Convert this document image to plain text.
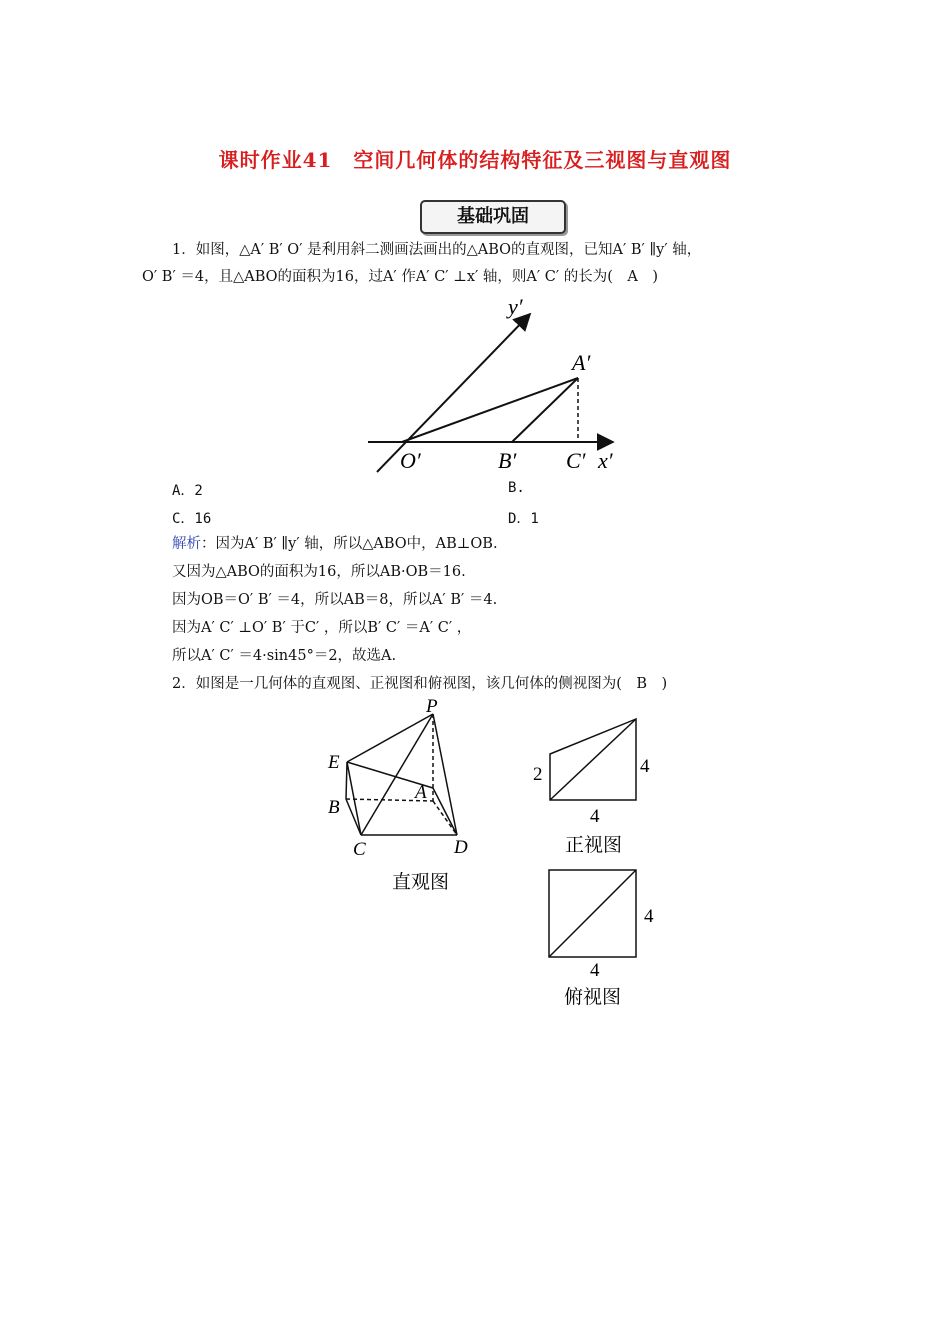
课时作业41　空间几何体的结构特征及三视图与直观图
基础巩固
1．如图，△A′ B′ O′ 是利用斜二测画法画出的△ABO的直观图，已知A′ B′ ∥y′ 轴，
O′ B′ ＝4，且△ABO的面积为16，过A′ 作A′ C′ ⊥x′ 轴，则A′ C′ 的长为(　A　)
y′
A′
O′	B′ C′ x′
A．2	B.
C．16	D．1
解析：因为A′ B′ ∥y′ 轴，所以△ABO中，AB⊥OB.
又因为△ABO的面积为16，所以AB·OB＝16.
因为OB＝O′ B′ ＝4，所以AB＝8，所以A′ B′ ＝4.
因为A′ C′ ⊥O′ B′ 于C′ ，所以B′ C′ ＝A′ C′ ，
所以A′ C′ ＝4·sin45°＝2，故选A.
2．如图是一几何体的直观图、正视图和俯视图，该几何体的侧视图为(　B　)
P
E
A
B
C	D
直观图
2	4
4
正视图
4
4
俯视图
